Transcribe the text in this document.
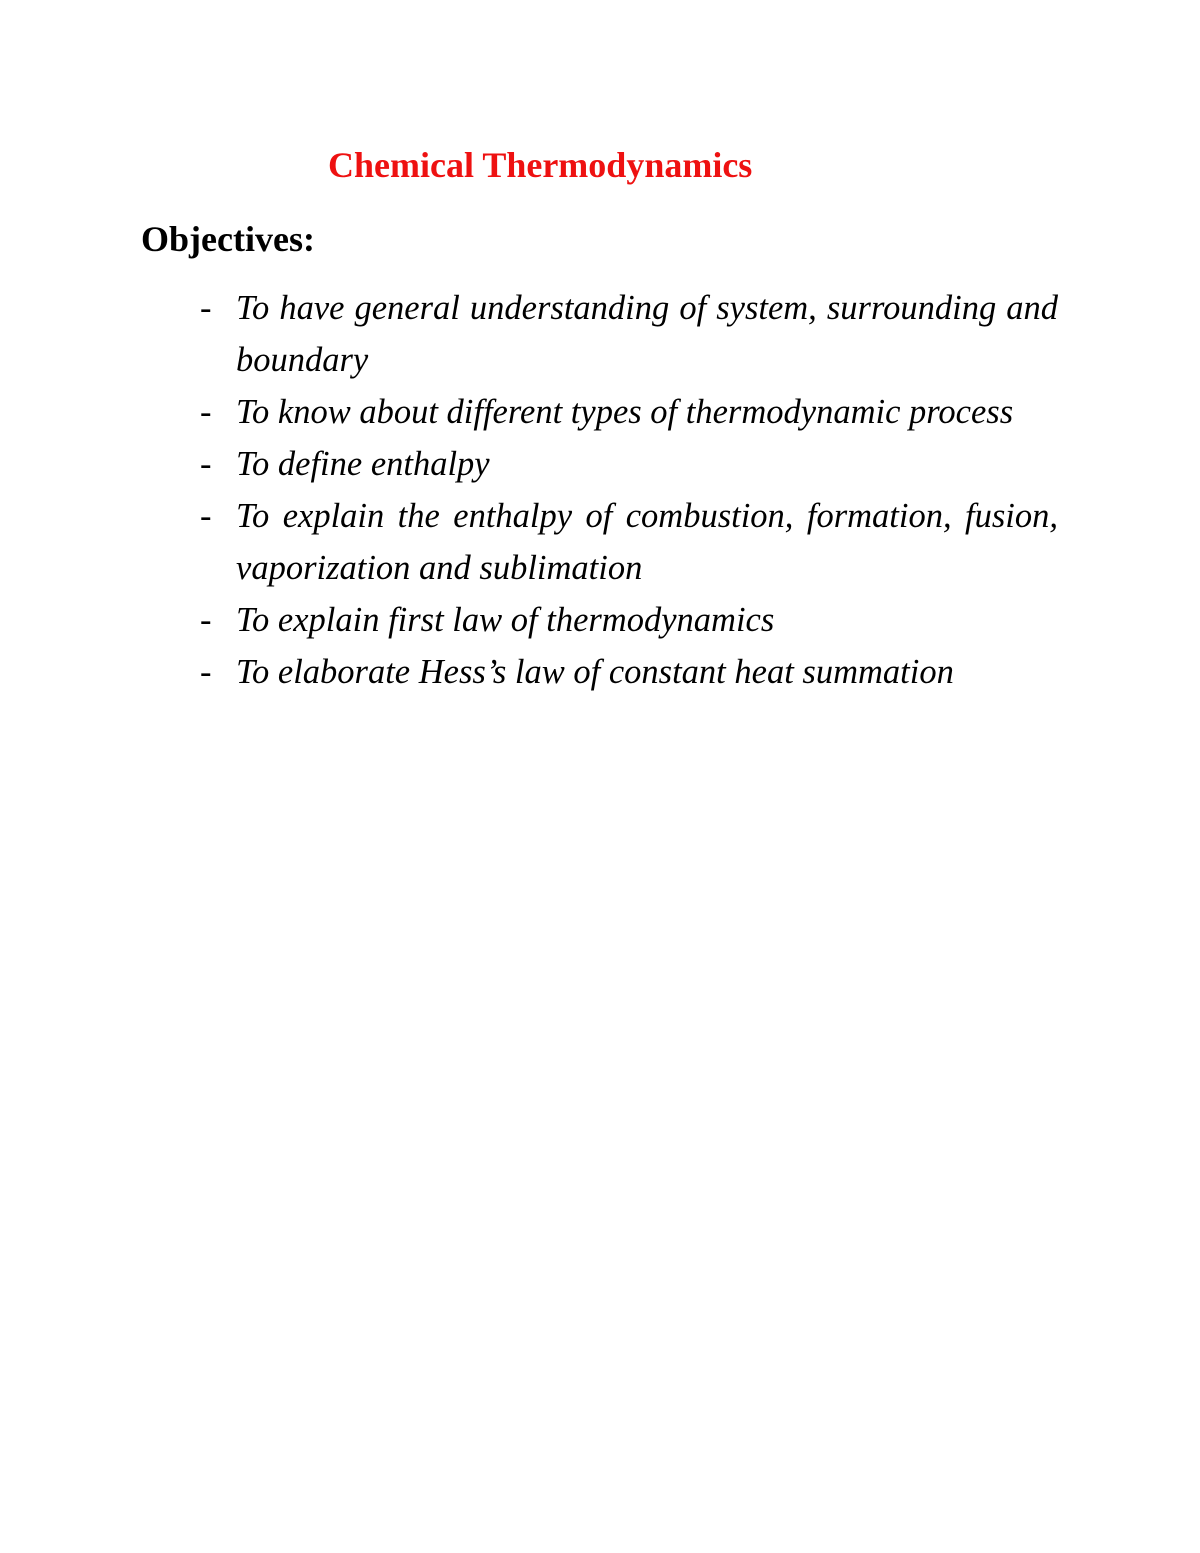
Chemical Thermodynamics
Objectives:
- To have general understanding of system, surrounding and boundary
- To know about different types of thermodynamic process
- To define enthalpy
- To explain the enthalpy of combustion, formation, fusion, vaporization and sublimation
- To explain first law of thermodynamics
- To elaborate Hess’s law of constant heat summation
